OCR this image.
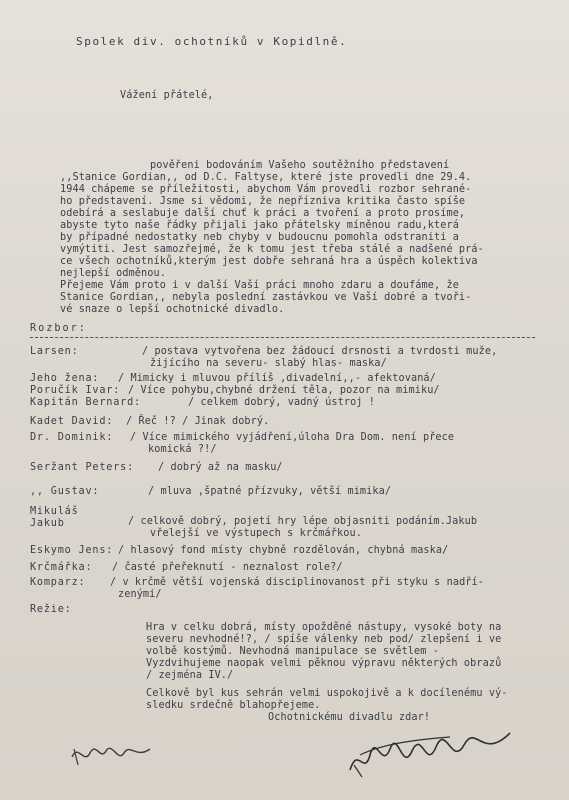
Spolek div. ochotníků v Kopidlně.
Vážení přátelé,
pověřeni bodováním Vašeho soutěžního představení
,,Stanice Gordian,, od D.C. Faltyse, které jste provedli dne 29.4.
1944 chápeme se příležitosti, abychom Vám provedli rozbor sehrané-
ho představení. Jsme si vědomi, že nepřízniva kritika často spíše
odebírá a seslabuje další chuť k práci a tvoření a proto prosíme,
abyste tyto naše řádky přijali jako přátelsky míněnou radu,která
by případné nedostatky neb chyby v budoucnu pomohla odstraniti a
vymýtiti. Jest samozřejmé, že k tomu jest třeba stálé a nadšené prá-
ce všech ochotníků,kterým jest dobře sehraná hra a úspěch kolektiva
nejlepší odměnou.
Přejeme Vám proto i v další Vaší práci mnoho zdaru a doufáme, že
Stanice Gordian,, nebyla poslední zastávkou ve Vaší dobré a tvoři-
vé snaze o lepší ochotnické divadlo.
Rozbor:
Larsen:	/ postava vytvořena bez žádoucí drsnosti a tvrdosti muže,
žijícího na severu- slabý hlas- maska/
Jeho žena: / Mimicky i mluvou přílíš ,divadelní,,- afektovaná/
Poručík Ivar: / Více pohybu,chybné držení těla, pozor na mimiku/
Kapitán Bernard:	/ celkem dobrý, vadný ústroj !
Kadet David: / Řeč !? / Jinak dobrý.
Dr. Dominik: / Více mimického vyjádření,úloha Dra Dom. není přece
komická ?!/
Seržant Peters: / dobrý až na masku/
,, Gustav:	/ mluva ,špatné přízvuky, větší mimika/
Mikuláš
Jakub	/ celkově dobrý, pojetí hry lépe objasniti podáním.Jakub
vřelejší ve výstupech s krčmářkou.
Eskymo Jens: / hlasový fond místy chybně rozdělován, chybná maska/
Krčmářka: / časté přeřeknutí - neznalost role?/
Komparz: / v krčmě větší vojenská disciplinovanost při styku s nadří-
zenými/
Režie:
Hra v celku dobrá, místy opožděné nástupy, vysoké boty na
severu nevhodné!?, / spíše válenky neb pod/ zlepšení i ve
volbě kostýmů. Nevhodná manipulace se světlem -
Vyzdvihujeme naopak velmi pěknou výpravu některých obrazů
/ zejména IV./
Celkově byl kus sehrán velmi uspokojivě a k docílenému vý-
sledku srdečně blahopřejeme.
Ochotnickému divadlu zdar!
